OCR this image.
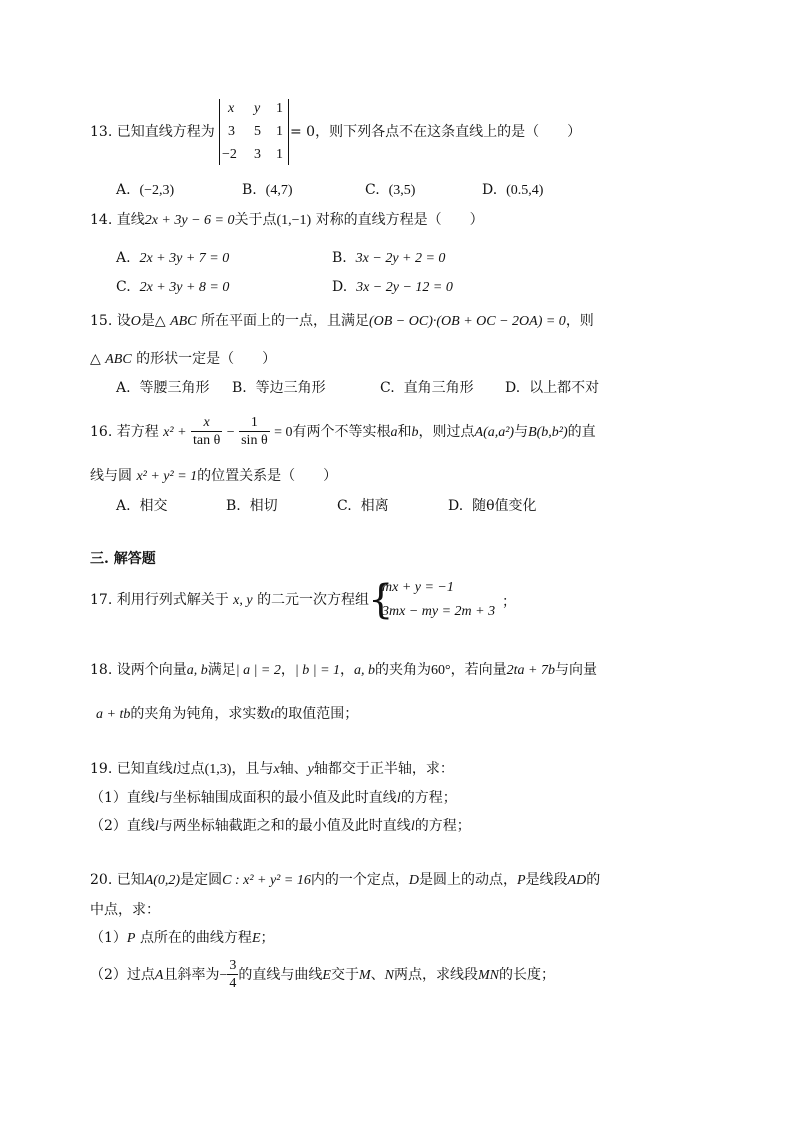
13. 已知直线方程为
x y 1
3 5 1
−2 3 1
= 0，则下列各点不在这条直线上的是（　　）
A. (−2,3)	B. (4,7)	C. (3,5)	D. (0.5,4)
14. 直线2x + 3y − 6 = 0关于点(1,−1) 对称的直线方程是（　　）
A. 2x + 3y + 7 = 0	B. 3x − 2y + 2 = 0
C. 2x + 3y + 8 = 0	D. 3x − 2y − 12 = 0
15. 设O是△ ABC 所在平面上的一点，且满足(OB − OC)·(OB + OC − 2OA) = 0，则
△ ABC 的形状一定是（　　）
A. 等腰三角形 B. 等边三角形	C. 直角三角形 D. 以上都不对
16. 若方程 $x^2 + \frac{x}{\text{tan θ}} - \frac{1}{\text{sin θ}} = 0$有两个不等实根a和b，则过点A(a,a²)与B(b,b²)的直
线与圆 x² + y² = 1的位置关系是（　　）
A. 相交	B. 相切	C. 相离	D. 随θ值变化
三. 解答题
17. 利用行列式解关于 x, y 的二元一次方程组
{
mx + y = −1
3mx − my = 2m + 3
；
18. 设两个向量a, b满足| a | = 2，| b | = 1，a, b的夹角为60°，若向量2ta + 7b与向量
a + tb的夹角为钝角，求实数t的取值范围；
19. 已知直线l过点(1,3)，且与x轴、y轴都交于正半轴，求：
（1）直线l与坐标轴围成面积的最小值及此时直线l的方程；
（2）直线l与两坐标轴截距之和的最小值及此时直线l的方程；
20. 已知A(0,2)是定圆C : x² + y² = 16内的一个定点，D是圆上的动点，P是线段AD的
中点，求：
（1）P 点所在的曲线方程E；
（2）过点A且斜率为− $\frac{3}{4}$ 的直线与曲线E交于M、N两点，求线段MN的长度；
